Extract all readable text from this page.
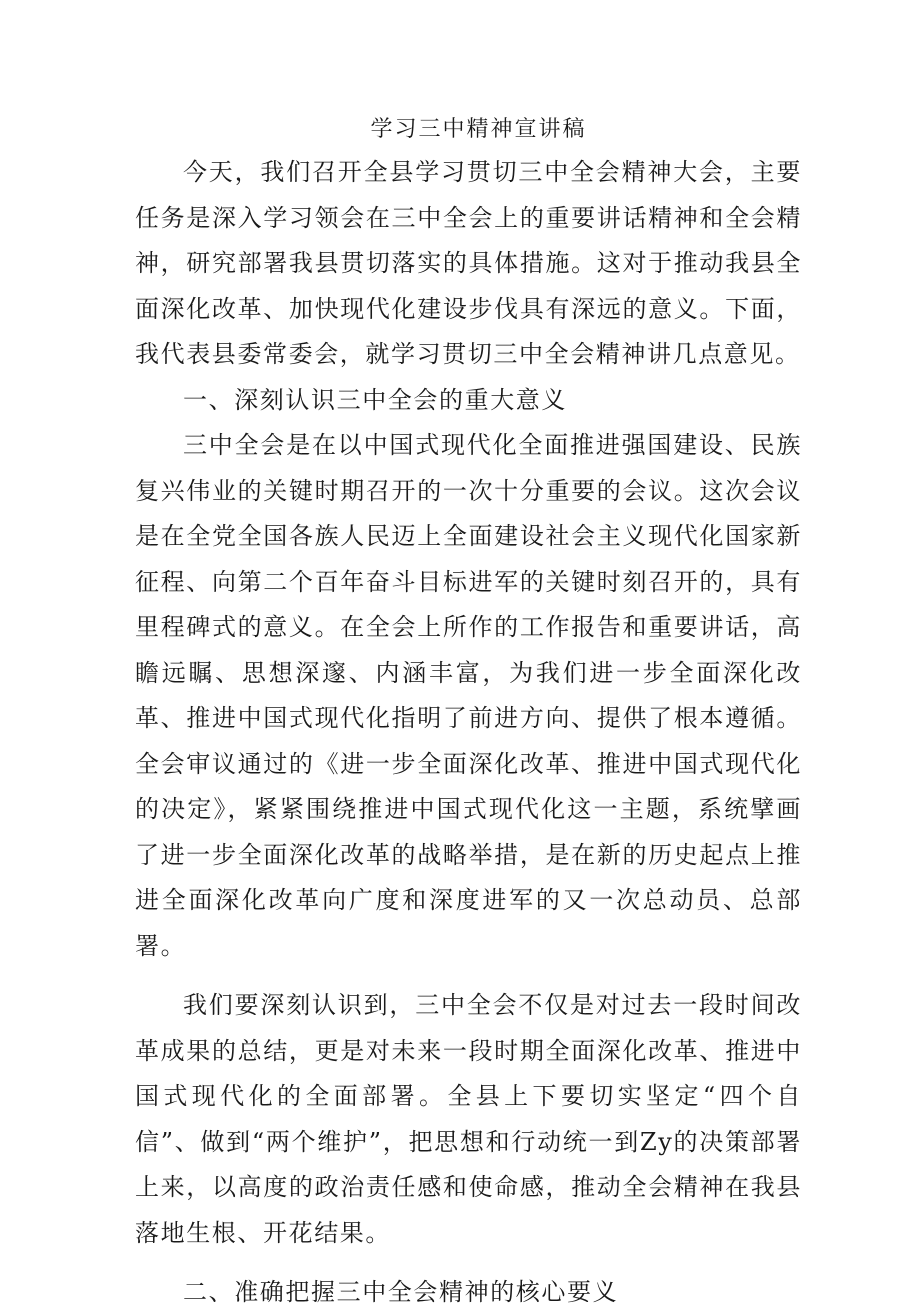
学习三中精神宣讲稿

今天，我们召开全县学习贯切三中全会精神大会，主要任务是深入学习领会在三中全会上的重要讲话精神和全会精神，研究部署我县贯切落实的具体措施。这对于推动我县全面深化改革、加快现代化建设步伐具有深远的意义。下面，我代表县委常委会，就学习贯切三中全会精神讲几点意见。

一、深刻认识三中全会的重大意义

三中全会是在以中国式现代化全面推进强国建设、民族复兴伟业的关键时期召开的一次十分重要的会议。这次会议是在全党全国各族人民迈上全面建设社会主义现代化国家新征程、向第二个百年奋斗目标进军的关键时刻召开的，具有里程碑式的意义。在全会上所作的工作报告和重要讲话，高瞻远瞩、思想深邃、内涵丰富，为我们进一步全面深化改革、推进中国式现代化指明了前进方向、提供了根本遵循。全会审议通过的《进一步全面深化改革、推进中国式现代化的决定》，紧紧围绕推进中国式现代化这一主题，系统擘画了进一步全面深化改革的战略举措，是在新的历史起点上推进全面深化改革向广度和深度进军的又一次总动员、总部署。

我们要深刻认识到，三中全会不仅是对过去一段时间改革成果的总结，更是对未来一段时期全面深化改革、推进中国式现代化的全面部署。全县上下要切实坚定“四个自信”、做到“两个维护”，把思想和行动统一到Zy的决策部署上来，以高度的政治责任感和使命感，推动全会精神在我县落地生根、开花结果。

二、准确把握三中全会精神的核心要义
